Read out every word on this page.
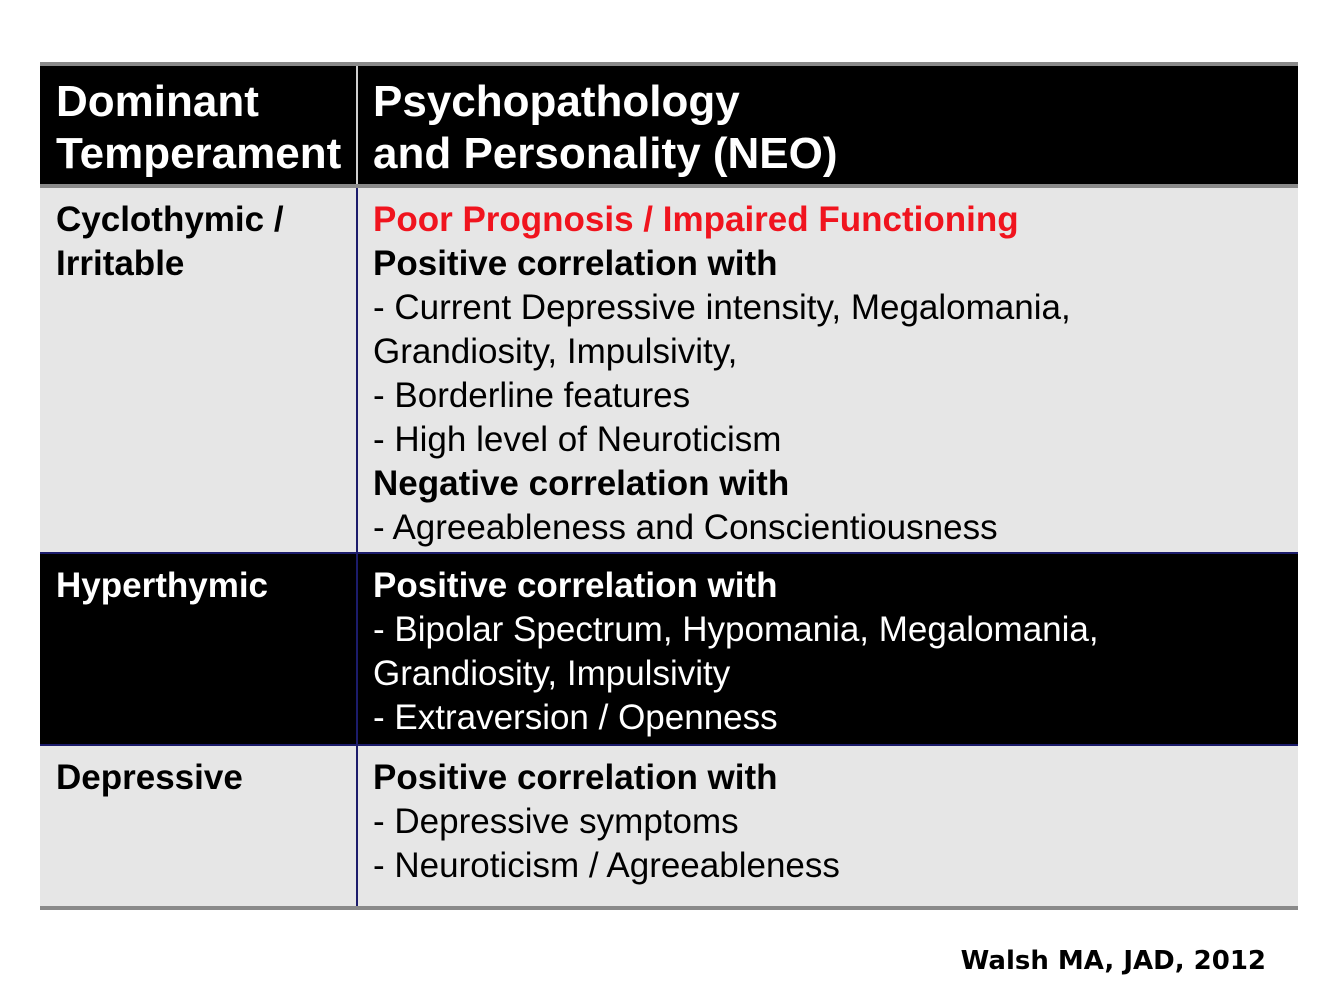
Dominant
Temperament
Psychopathology
and Personality (NEO)
Cyclothymic /
Irritable
Poor Prognosis / Impaired Functioning
Positive correlation with
- Current Depressive intensity, Megalomania,
Grandiosity, Impulsivity,
- Borderline features
- High level of Neuroticism
Negative correlation with
- Agreeableness and Conscientiousness
Hyperthymic	Positive correlation with
- Bipolar Spectrum, Hypomania, Megalomania,
Grandiosity, Impulsivity
- Extraversion / Openness
Depressive	Positive correlation with
- Depressive symptoms
- Neuroticism / Agreeableness
Walsh MA, JAD, 2012
